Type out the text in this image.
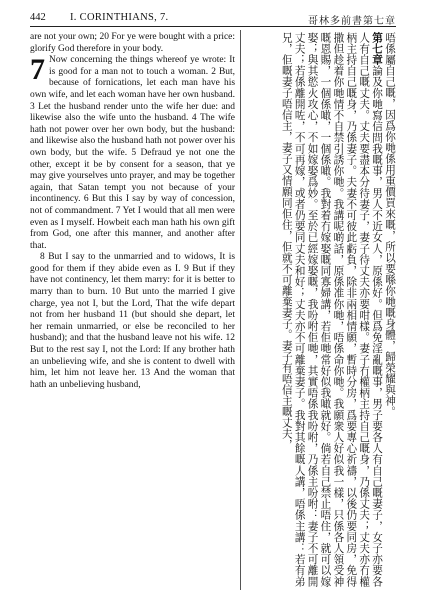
442 I. CORINTHIANS, 7.	哥林多前書第七章

are not your own; 20 For ye were bought with a price: glorify God therefore in your body.

7 Now concerning the things whereof ye wrote: It is good for a man not to touch a woman. 2 But, because of fornications, let each man have his own wife, and let each woman have her own husband. 3 Let the husband render unto the wife her due: and likewise also the wife unto the husband. 4 The wife hath not power over her own body, but the husband: and likewise also the husband hath not power over his own body, but the wife. 5 Defraud ye not one the other, except it be by consent for a season, that ye may give yourselves unto prayer, and may be together again, that Satan tempt you not because of your incontinency. 6 But this I say by way of concession, not of commandment. 7 Yet I would that all men were even as I myself. Howbeit each man hath his own gift from God, one after this manner, and another after that.

8 But I say to the unmarried and to widows, It is good for them if they abide even as I. 9 But if they have not continency, let them marry: for it is better to marry than to burn. 10 But unto the married I give charge, yea not I, but the Lord, That the wife depart not from her husband 11 (but should she depart, let her remain unmarried, or else be reconciled to her husband); and that the husband leave not his wife. 12 But to the rest say I, not the Lord: If any brother hath an unbelieving wife, and she is content to dwell with him, let him not leave her. 13 And the woman that hath an unbelieving husband,	唔係屬自己嘅，因爲你哋係用重價買來嘅，所以要喺你哋嘅身體，歸榮耀與神。

第七章論及你哋寫信問我嘅事，男人不近女人，原係好。但爲免淫亂嘅事，男子要各人有自己嘅妻子，女子亦要各人有自己嘅丈夫。丈夫要盡本分待妻子，妻子待丈夫亦要咁樣。妻子冇權柄主持自己嘅身，乃係丈夫；丈夫亦冇權柄主持自己嘅身，乃係妻子。夫妻不可彼此虧負，除非兩相情願，暫時分房，爲要專心祈禱，以後仍要同房，免得撒但趁着你哋情不自禁引誘你哋。我講呢啲話，原係准你哋，唔係命你哋。我願衆人好似我一樣，只係各人領受神嘅恩賜，一個係噉，一個係噉。我對着冇嫁娶嘅同寡婦講，若佢哋常好似我噉就好。倘若自己禁止唔住，就可以嫁娶；與其慾火攻心，不如嫁娶爲妙。至於已經嫁娶嘅，我吩咐佢哋，其實唔係我吩咐，乃係主吩咐：妻子不可離開丈夫；若係離開咗，不可再嫁，或者仍要同丈夫和好；丈夫亦不可離棄妻子。我對其餘嘅人講，唔係主講：若有弟兄，佢嘅妻子唔信主，妻子又情願同佢住，佢就不可離棄妻子。妻子有唔信主嘅丈夫，
